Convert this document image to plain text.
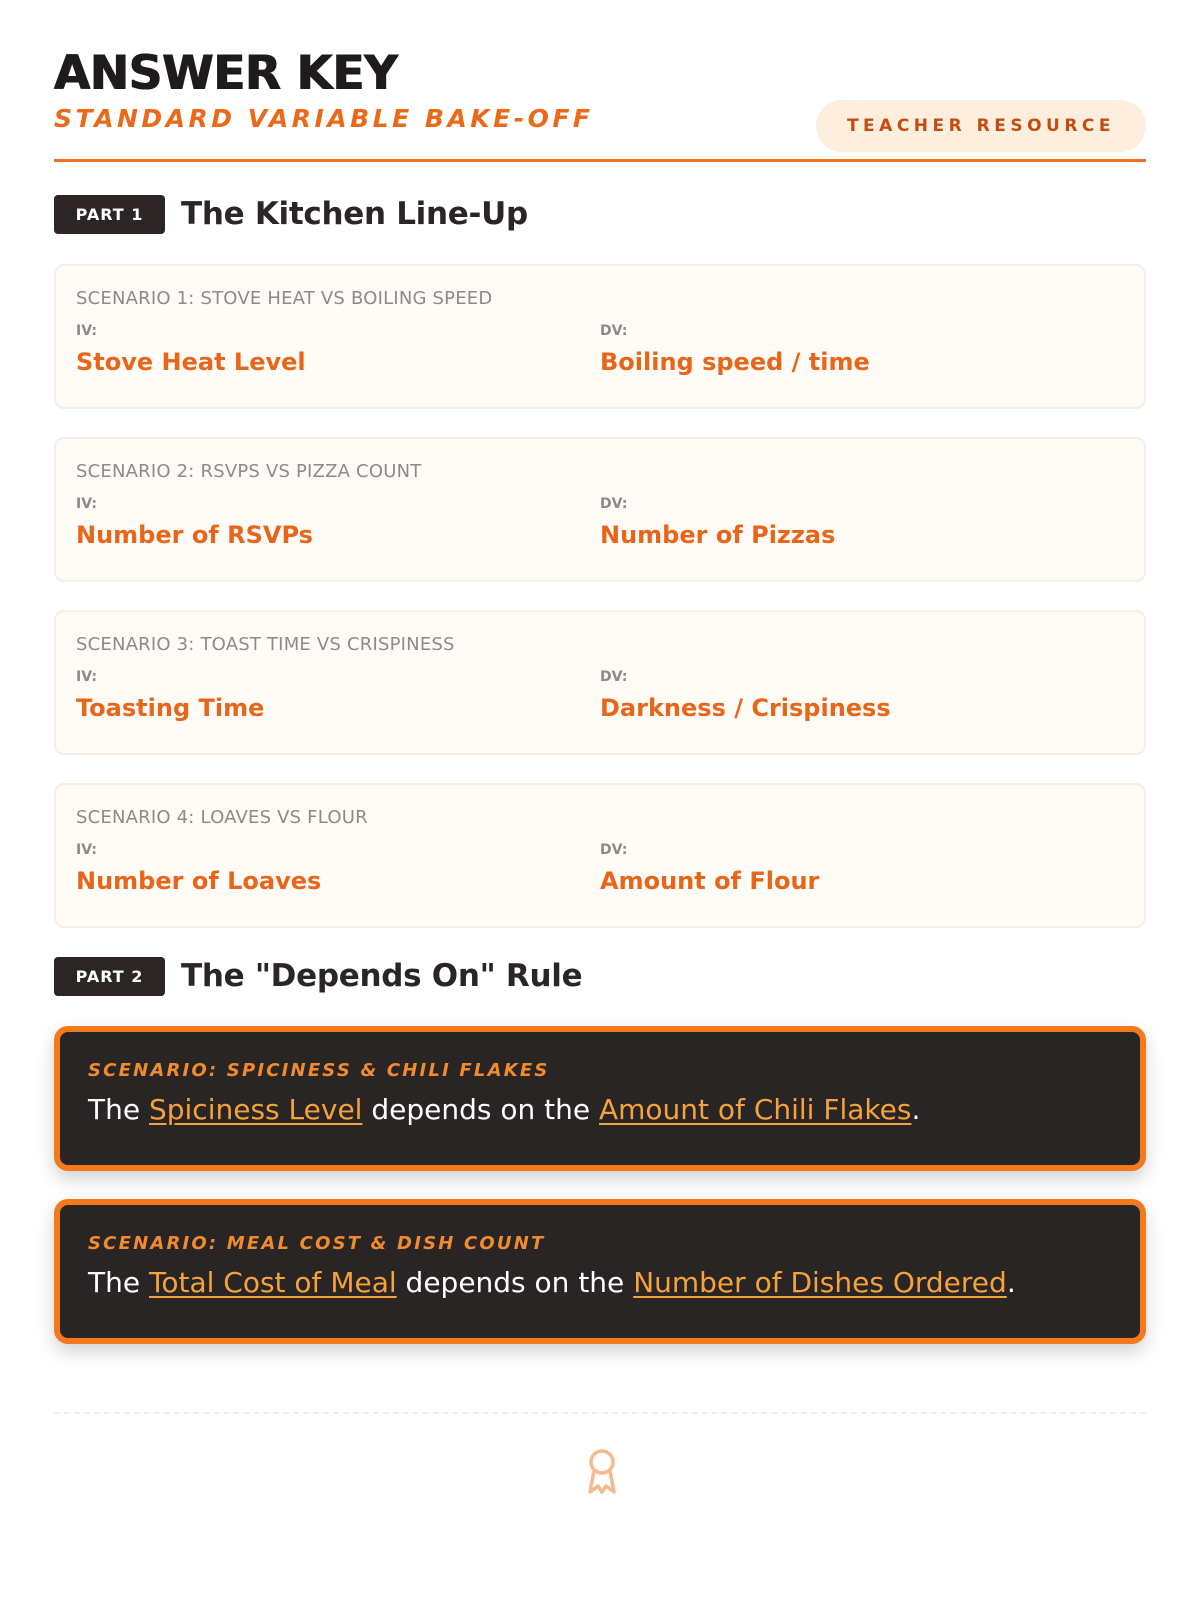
ANSWER KEY
STANDARD VARIABLE BAKE-OFF	TEACHER RESOURCE
PART 1	The Kitchen Line-Up
SCENARIO 1: STOVE HEAT VS BOILING SPEED
IV:
Stove Heat Level
DV:
Boiling speed / time
SCENARIO 2: RSVPS VS PIZZA COUNT
IV:
Number of RSVPs
DV:
Number of Pizzas
SCENARIO 3: TOAST TIME VS CRISPINESS
IV:
Toasting Time
DV:
Darkness / Crispiness
SCENARIO 4: LOAVES VS FLOUR
IV:
Number of Loaves
DV:
Amount of Flour
PART 2	The "Depends On" Rule
SCENARIO: SPICINESS & CHILI FLAKES
The Spiciness Level depends on the Amount of Chili Flakes.
SCENARIO: MEAL COST & DISH COUNT
The Total Cost of Meal depends on the Number of Dishes Ordered.
